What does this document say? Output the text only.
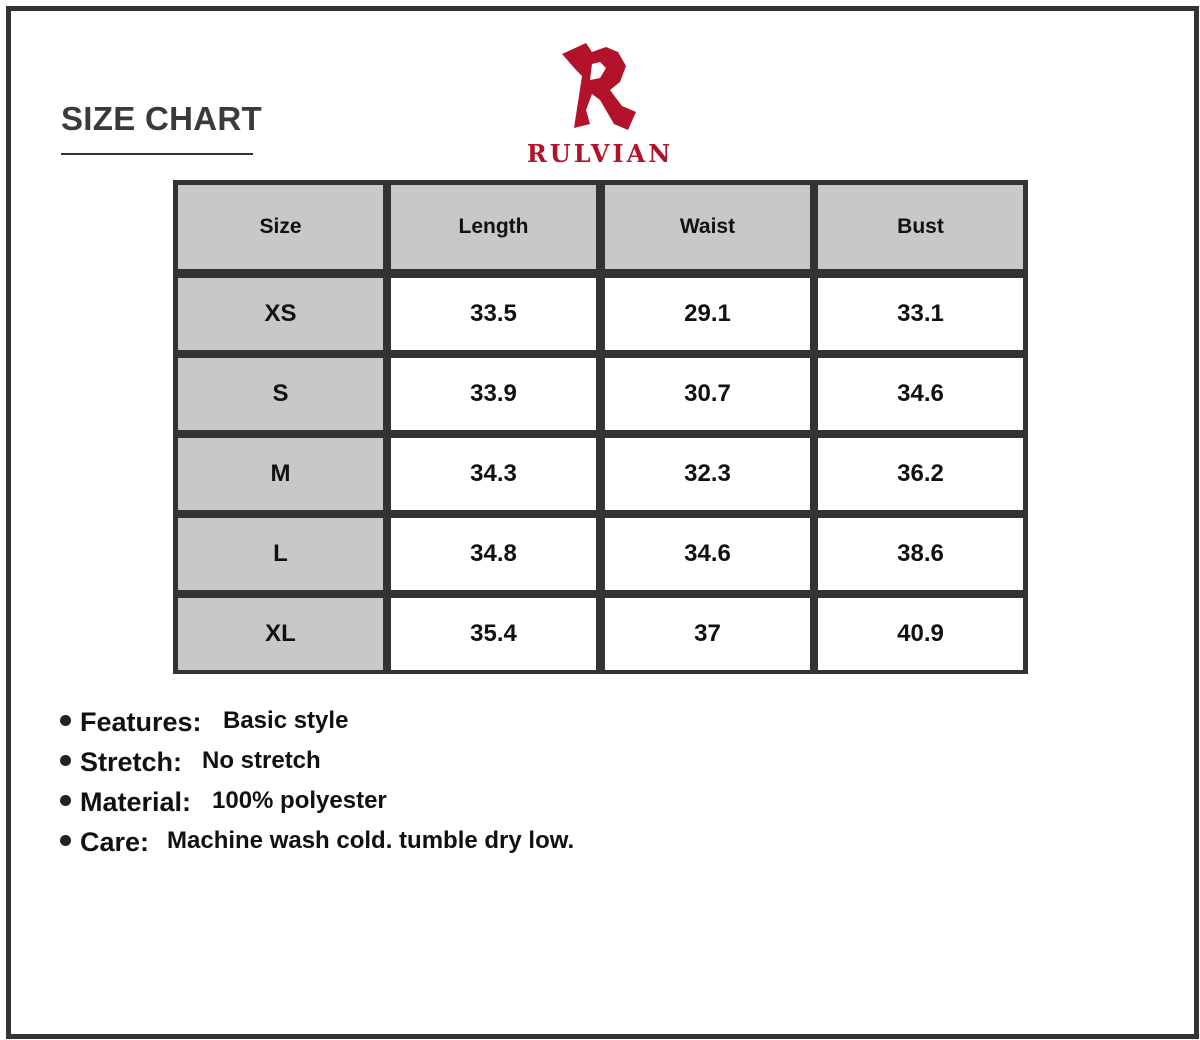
SIZE CHART
RULVIAN
Size	Length	Waist	Bust
XS	33.5	29.1	33.1
S	33.9	30.7	34.6
M	34.3	32.3	36.2
L	34.8	34.6	38.6
XL	35.4	37	40.9
Features: Basic style
Stretch: No stretch
Material: 100% polyester
Care: Machine wash cold. tumble dry low.
